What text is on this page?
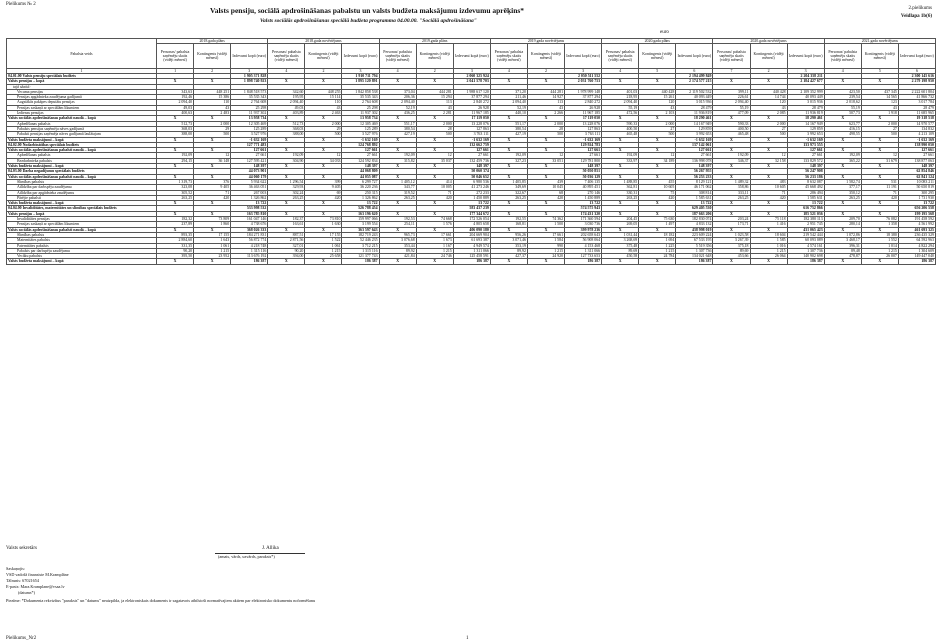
Pielikums № 2
2.pielikums
Veidlapa 1b(6)
Valsts pensiju, sociālā apdrošināšanas pabalstu un valsts budžeta maksājumu izdevumu aprēķins*
Valsts sociālās apdrošināšanas speciālā budžeta programma 04.00.00. "Sociālā apdrošināšana"
euro
Pabalsta veids	2018.gada plāns			2018.gada novērtējums			2019.gada plāns			2019.gada novērtējums			2020.gada plāns			2020.gada novērtējums			2021.gada novērtējums		
	Personas/ pabalsta saņēmēju skaits (vidēji mēnesī)	Kontingents (vidēji mēnesī)	Izdevumi kopā (euro)	Personas/ pabalsta saņēmēju skaits (vidēji mēnesī)	Kontingents (vidēji mēnesī)	Izdevumi kopā (euro)	Personas/ pabalsta saņēmēju skaits (vidēji mēnesī)	Kontingents (vidēji mēnesī)	Izdevumi kopā (euro)	Personas/ pabalsta saņēmēju skaits (vidēji mēnesī)	Kontingents (vidēji mēnesī)	Izdevumi kopā (euro)	Personas/ pabalsta saņēmēju skaits (vidēji mēnesī)	Kontingents (vidēji mēnesī)	Izdevumi kopā (euro)	Personas/ pabalsta saņēmēju skaits (vidēji mēnesī)	Kontingents (vidēji mēnesī)	Izdevumi kopā (euro)	Personas/ pabalsta saņēmēju skaits (vidēji mēnesī)	Kontingents (vidēji mēnesī)	Izdevumi kopā (euro)
1	1	2	3	4	2	3	4	2	3	4	2	3	4	5	6	7	2	3	4	5	6
04.01.00 Valsts pensiju speciālais budžets			1 905 371 828			1 910 711 794			2 060 325 924			2 050 511 552			2 194 499 849			2 204 358 211			2 300 145 616
Valsts pensijas – kopā	X	X	1 898 740 923	X	X	1 895 120 891	X	X	2 041 578 703	X	X	2 031 760 753	X	X	2 174 577 215	X	X	2 184 427 677	X	X	2 279 198 950
tajā skaitā:																					
Vecuma pensijas	343,63	448 251	1 848 518 573	342,60	448 255	1 842 858 538	373,04	444 281	1 988 617 120	371,20	444 281	1 978 999 148	401,03	440 428	2 119 502 532	399,11	440 428	2 109 352 999	423,50	437 345	2 222 601 804
Pensijas apgādnieka zaudējuma gadījumā	192,46	15 386	35 535 343	195,95	15 114	35 535 343	206,36	15 294	37 877 294	211,46	14 927	37 877 294	218,95	15 261	40 093 449	226,61	14 744	40 093 449	239,54	14 565	41 866 732
Augstākās pakāpes deputātu pensijas	2 094,40	110	2 764 608	2 094,40	110	2 764 608	2 094,40	113	2 840 272	2 094,40	113	2 840 272	2 094,40	120	3 015 936	2 094,40	120	3 015 936	2 018,62	123	3 017 784
Pensijas saskaņā ar speciālām likumiem	49,03	43	25 298	49,03	43	25 298	52,19	43	26 928	52,19	43	26 928	55,19	43	28 479	55,19	43	28 479	55,19	43	28 479
Izdienas pensijas	400,63	2 483	11 937 302	403,89	2 463	11 937 302	436,25	2 281	11 967 185	440,10	2 266	11 967 185	472,56	2 103	11 936 819	477,09	2 085	11 936 819	507,73	1 918	11 685 965
Valsts sociālās apdrošināšanas pabalsti naudā – kopā	X	X	13 958 734	X	X	13 958 734	X	X	17 119 050	X	X	17 119 050	X	X	18 290 461	X	X	18 290 461	X	X	19 318 518
Apbedīšanas pabalsts	512,73	2 000	12 305 469	512,73	2 000	12 305 469	551,17	2 000	13 228 076	551,17	2 000	13 228 076	590,33	2 000	14 167 949	590,33	2 000	14 167 949	623,77	2 000	14 970 577
Pabalsts pensijas saņēmēja nāves gadījumā	368,03	29	125 289	368,03	29	125 289	380,54	28	127 863	380,54	28	127 863	400,50	27	129 859	400,50	27	129 859	416,15	27	134 832
Pabalsti pensijas saņēmēja nāves gadījumā laulātajam	388,00	500	3 527 976	388,00	500	3 527 976	427,19	500	3 763 111	427,19	500	3 763 111	465,48	500	3 992 653	465,48	500	3 992 653	498,55	500	4 213 109
Valsts budžeta maksājumi – kopā	X	X	-1 632 169	X	X	-1 632 169	X	X	-1 632 169	X	X	-1 632 169	X	X	-1 632 169	X	X	-1 632 169	X	X	-1 632 169
04.02.00 Nodarbinātības speciālais budžets			127 771 483			124 768 892			132 662 759			129 924 783			137 142 061			133 973 555			138 990 050
Valsts sociālās apdrošināšanas pabalsti naudā – kopā	X	X	127 661	X	X	127 661	X	X	127 661	X	X	127 661	X	X	127 661	X	X	127 661	X	X	127 661
Apbedīšanas pabalsts	192,09	12	27 661	192,09	12	27 661	192,09	12	27 661	192,09	12	27 661	192,09	12	27 661	192,09	12	27 661	192,09	12	27 661
Bezdarbnieka pabalsts	294,15	36 148	127 595 421	304,90	34 033	124 592 834	315,82	35 037	132 459 736	327,23	33 051	129 781 800	333,97	34 189	136 998 078	346,37	32 158	133 829 572	365,22	31 679	138 877 063
Valsts budžeta maksājumi – kopā	X	X	148 397	X	X	148 397	X	X	148 397	X	X	148 397	X	X	148 397	X	X	148 397	X	X	148 397
04.03.00 Darba negadījumu speciālais budžets			44 073 901			44 068 809			50 060 374			50 050 851			56 267 955			56 247 908			62 854 846
Valsts sociālās apdrošināšanas pabalsti naudā – kopā	X	X	44 060 179	X	X	44 055 087	X	X	50 046 652	X	X	50 036 129	X	X	56 253 233	X	X	56 233 186	X	X	62 841 124
Slimības pabalsts	1 319,73	376	5 934 622	1 296,54	399	6 299 727	1 405,12	414	6 980 536	1 405,85	439	7 406 135	1 488,85	455	8 129 121	1 489,32	483	8 632 087	1 582,74	531	10 083 211
Atlīdzība par darbspēju zaudējumu	323,08	9 405	36 463 051	329,93	9 405	36 220 236	343,77	10 005	41 273 246	349,69	10 045	40 895 451	362,81	10 605	46 171 062	358,86	10 605	45 668 492	377,17	11 191	50 650 819
Atlīdzība par apgādnieka zaudējumu	305,52	71	267 003	302,24	69	250 315	319,52	71	272 233	322,67	68	270 146	330,31	75	308 814	333,11	71	286 494	350,12	71	300 295
Pārējie pabalsti	263,25	420	1 326 862	263,25	420	1 326 862	263,25	420	1 450 889	263,25	420	1 450 889	263,25	420	1 585 631	263,25	420	1 585 631	263,25	420	1 731 930
Valsts budžeta maksājumi – kopā	X	X	13 722	X	X	13 722	X	X	13 722	X	X	13 722	X	X	13 722	X	X	13 722	X	X	13 722
04.04.00 Invaliditātes, maternitātes un slimības speciālais budžets			533 998 532			526 788 454			583 437 239			574 575 943			629 405 530			616 752 866			656 206 558
Valsts pensijas – kopā	X	X	163 785 810	X	X	163 196 620	X	X	177 344 672	X	X	174 431 320	X	X	187 663 206	X	X	185 521 036	X	X	199 195 568
Invaliditātes pensijas	182,32	73 809	161 047 146	182,37	73 810	159 997 066	192,53	74 668	172 526 054	192,55	74 362	171 360 594	204,45	75 630	182 830 074	203,24	75 118	182 380 113	209,70	76 082	191 458 592
Pensijas saskaņā ar speciālām likumiem	237,89	1 860	4 738 676	163,61	1 630	3 199 554	254,11	1 576	4 805 658	168,81	1 500	3 030 736	269,05	1 497	4 833 132	173,71	1 416	2 951 745	280,14	1 358	4 561 992
Valsts sociālās apdrošināšanas pabalsti naudā – kopā	X	X	368 026 333	X	X	363 597 643	X	X	406 090 180	X	X	399 978 236	X	X	438 998 019	X	X	431 065 423	X	X	461 693 325
Slimības pabalsts	893,35	17 155	184 271 831	887,51	17 155	182 719 243	965,73	17 661	204 669 904	956,26	17 661	202 658 643	1 031,44	18 182	223 609 224	1 023,58	18 604	219 542 444	1 072,86	18 380	236 435 329
Maternitātes pabalsts	2 884,60	1 643	56 872 774	2 871,56	1 522	52 446 235	3 076,68	1 673	61 693 387	3 071,46	1 584	56 908 064	3 268,69	1 694	67 533 195	3 267,39	1 585	60 093 089	3 468,17	1 552	64 592 963
Paternitātes pabalsts	331,35	1 061	4 218 748	327,01	1 061	3 712 215	353,44	1 167	4 949 574	353,19	990	4 153 468	375,48	1 225	5 519 356	375,18	1 016	4 574 161	396,31	1 014	4 822 294
Pabalsts par darbspēju zaudējumu	90,20	1 215	1 315 116	90,20	1 215	1 315 116	89,92	1 215	1 311 066	89,92	1 215	1 311 066	89,69	1 215	1 307 736	89,69	1 215	1 307 736	89,48	1 215	1 304 609
Vecāku pabalsts	395,50	23 952	113 676 192	394,00	25 658	121 377 743	421,84	24 746	125 458 591	427,37	24 920	127 733 653	450,58	24 784	134 021 648	453,66	26 064	140 902 698	478,87	26 007	149 447 040
Valsts budžeta maksājumi – kopā	X	X	186 387	X	X	186 387	X	X	186 387	X	X	186 387	X	X	186 387	X	X	186 387	X	X	186 387
Valsts sekretārs	J. Allika
(amats, vārds, uzvārds, paraksts*)
Saskaņojis:
VSD vadošā finansiste M.Kramplāne
Tālrunis: 67021654
E-pasts: Mara.Kramplane@vsaa.lv
(datums*)
Piezīme: *Dokumenta rekvizītus "paraksts" un "datums" neaizpilda, ja elektroniskais dokuments ir sagatavots atbilstoši normatīvajiem aktiem par elektronisko dokumentu noformēšanu
Pielikums_Nr2	1
